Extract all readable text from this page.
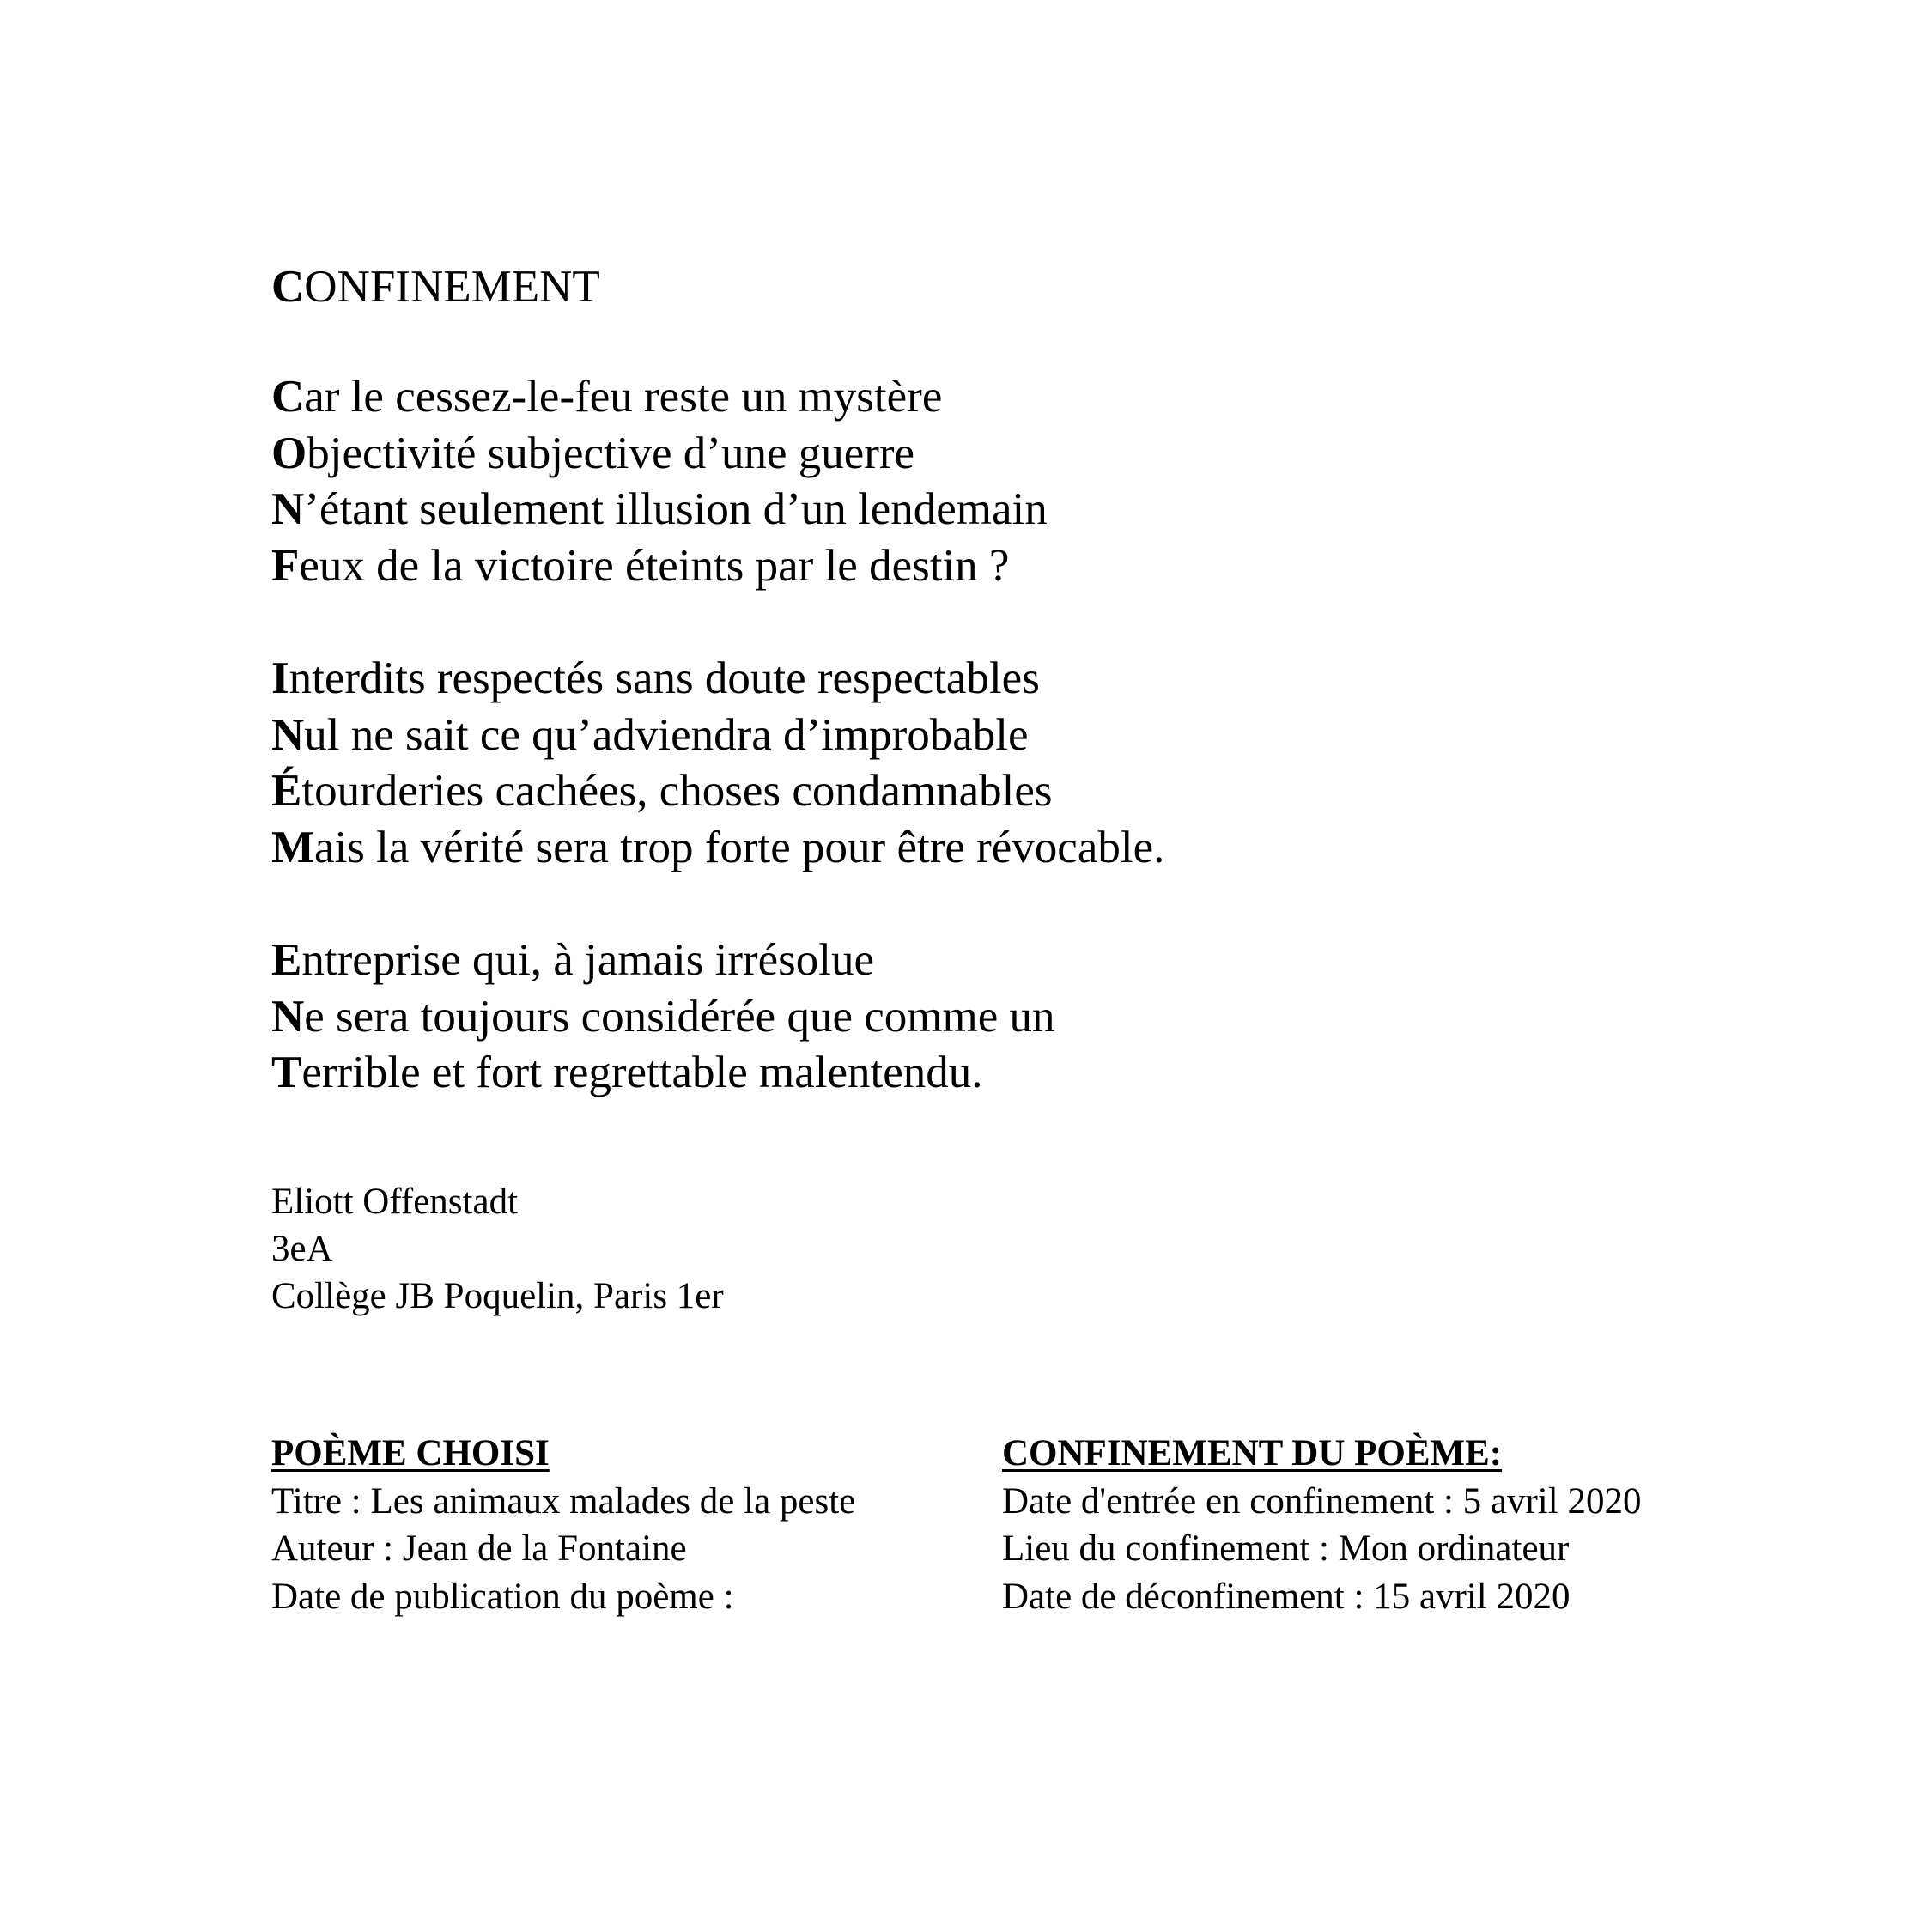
CONFINEMENT
Car le cessez-le-feu reste un mystère
Objectivité subjective d’une guerre
N’étant seulement illusion d’un lendemain
Feux de la victoire éteints par le destin ?
Interdits respectés sans doute respectables
Nul ne sait ce qu’adviendra d’improbable
Étourderies cachées, choses condamnables
Mais la vérité sera trop forte pour être révocable.
Entreprise qui, à jamais irrésolue
Ne sera toujours considérée que comme un
Terrible et fort regrettable malentendu.
Eliott Offenstadt
3eA
Collège JB Poquelin, Paris 1er
POÈME CHOISI
Titre : Les animaux malades de la peste
Auteur : Jean de la Fontaine
Date de publication du poème :
CONFINEMENT DU POÈME:
Date d'entrée en confinement : 5 avril 2020
Lieu du confinement : Mon ordinateur
Date de déconfinement : 15 avril 2020
